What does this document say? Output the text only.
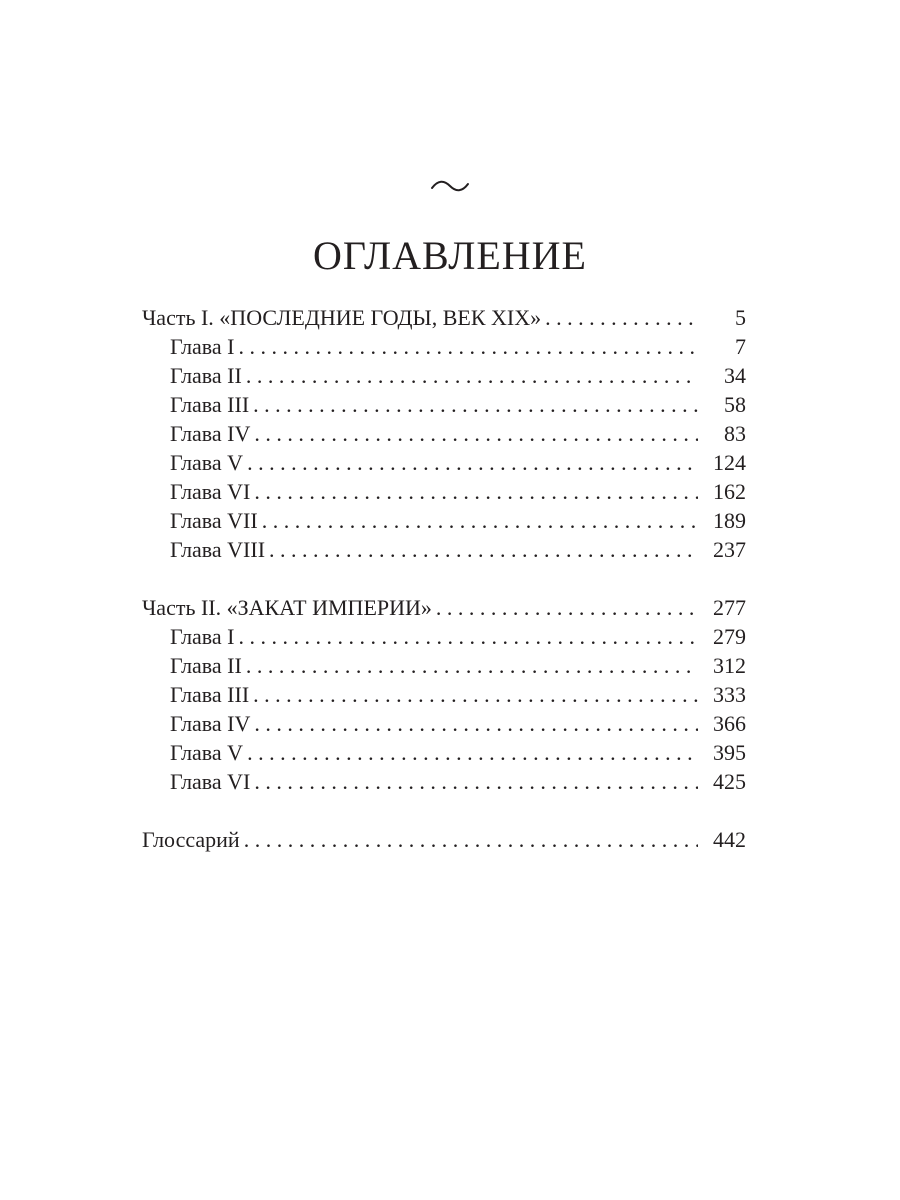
ОГЛАВЛЕНИЕ
Часть I. «ПОСЛЕДНИЕ ГОДЫ, ВЕК XIX» . . .	5
Глава I . . .	7
Глава II . . .	34
Глава III . . .	58
Глава IV . . .	83
Глава V . . .	124
Глава VI . . .	162
Глава VII . . .	189
Глава VIII . . .	237
Часть II. «ЗАКАТ ИМПЕРИИ» . . .	277
Глава I . . .	279
Глава II . . .	312
Глава III . . .	333
Глава IV . . .	366
Глава V . . .	395
Глава VI . . .	425
Глоссарий . . .	442
